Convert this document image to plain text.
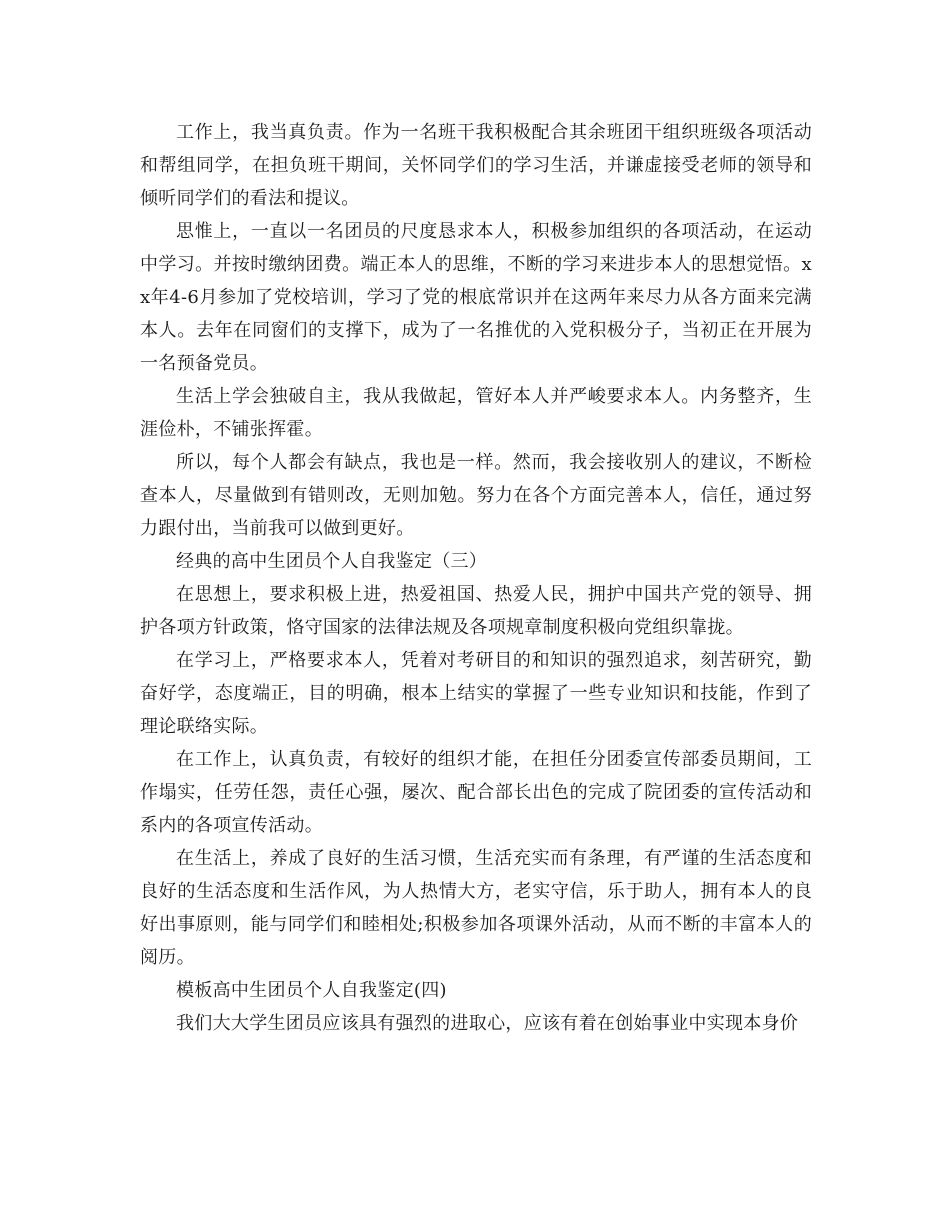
工作上，我当真负责。作为一名班干我积极配合其余班团干组织班级各项活动和帮组同学，在担负班干期间，关怀同学们的学习生活，并谦虚接受老师的领导和倾听同学们的看法和提议。

思惟上，一直以一名团员的尺度恳求本人，积极参加组织的各项活动，在运动中学习。并按时缴纳团费。端正本人的思维，不断的学习来进步本人的思想觉悟。xx年4-6月参加了党校培训，学习了党的根底常识并在这两年来尽力从各方面来完满本人。去年在同窗们的支撑下，成为了一名推优的入党积极分子，当初正在开展为一名预备党员。

生活上学会独破自主，我从我做起，管好本人并严峻要求本人。内务整齐，生涯俭朴，不铺张挥霍。

所以，每个人都会有缺点，我也是一样。然而，我会接收别人的建议，不断检查本人，尽量做到有错则改，无则加勉。努力在各个方面完善本人，信任，通过努力跟付出，当前我可以做到更好。

经典的高中生团员个人自我鉴定（三）

在思想上，要求积极上进，热爱祖国、热爱人民，拥护中国共产党的领导、拥护各项方针政策，恪守国家的法律法规及各项规章制度积极向党组织靠拢。

在学习上，严格要求本人，凭着对考研目的和知识的强烈追求，刻苦研究，勤奋好学，态度端正，目的明确，根本上结实的掌握了一些专业知识和技能，作到了理论联络实际。

在工作上，认真负责，有较好的组织才能，在担任分团委宣传部委员期间，工作塌实，任劳任怨，责任心强，屡次、配合部长出色的完成了院团委的宣传活动和系内的各项宣传活动。

在生活上，养成了良好的生活习惯，生活充实而有条理，有严谨的生活态度和良好的生活态度和生活作风，为人热情大方，老实守信，乐于助人，拥有本人的良好出事原则，能与同学们和睦相处;积极参加各项课外活动，从而不断的丰富本人的阅历。

模板高中生团员个人自我鉴定(四)

我们大大学生团员应该具有强烈的进取心，应该有着在创始事业中实现本身价
